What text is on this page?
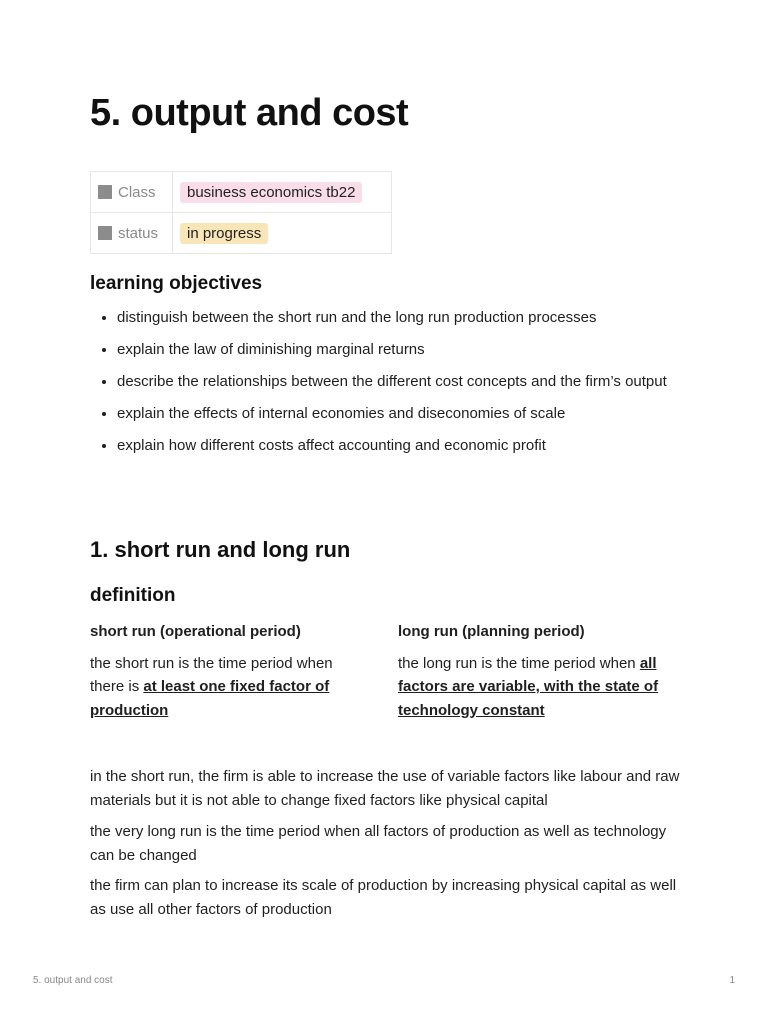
5. output and cost
Class	business economics tb22
status	in progress
learning objectives
• distinguish between the short run and the long run production processes
• explain the law of diminishing marginal returns
• describe the relationships between the different cost concepts and the firm’s output
• explain the effects of internal economies and diseconomies of scale
• explain how different costs affect accounting and economic profit
1. short run and long run
definition
short run (operational period)
the short run is the time period when there is at least one fixed factor of production
long run (planning period)
the long run is the time period when all factors are variable, with the state of technology constant

in the short run, the firm is able to increase the use of variable factors like labour and raw materials but it is not able to change fixed factors like physical capital

the very long run is the time period when all factors of production as well as technology can be changed

the firm can plan to increase its scale of production by increasing physical capital as well as use all other factors of production

5. output and cost	1
